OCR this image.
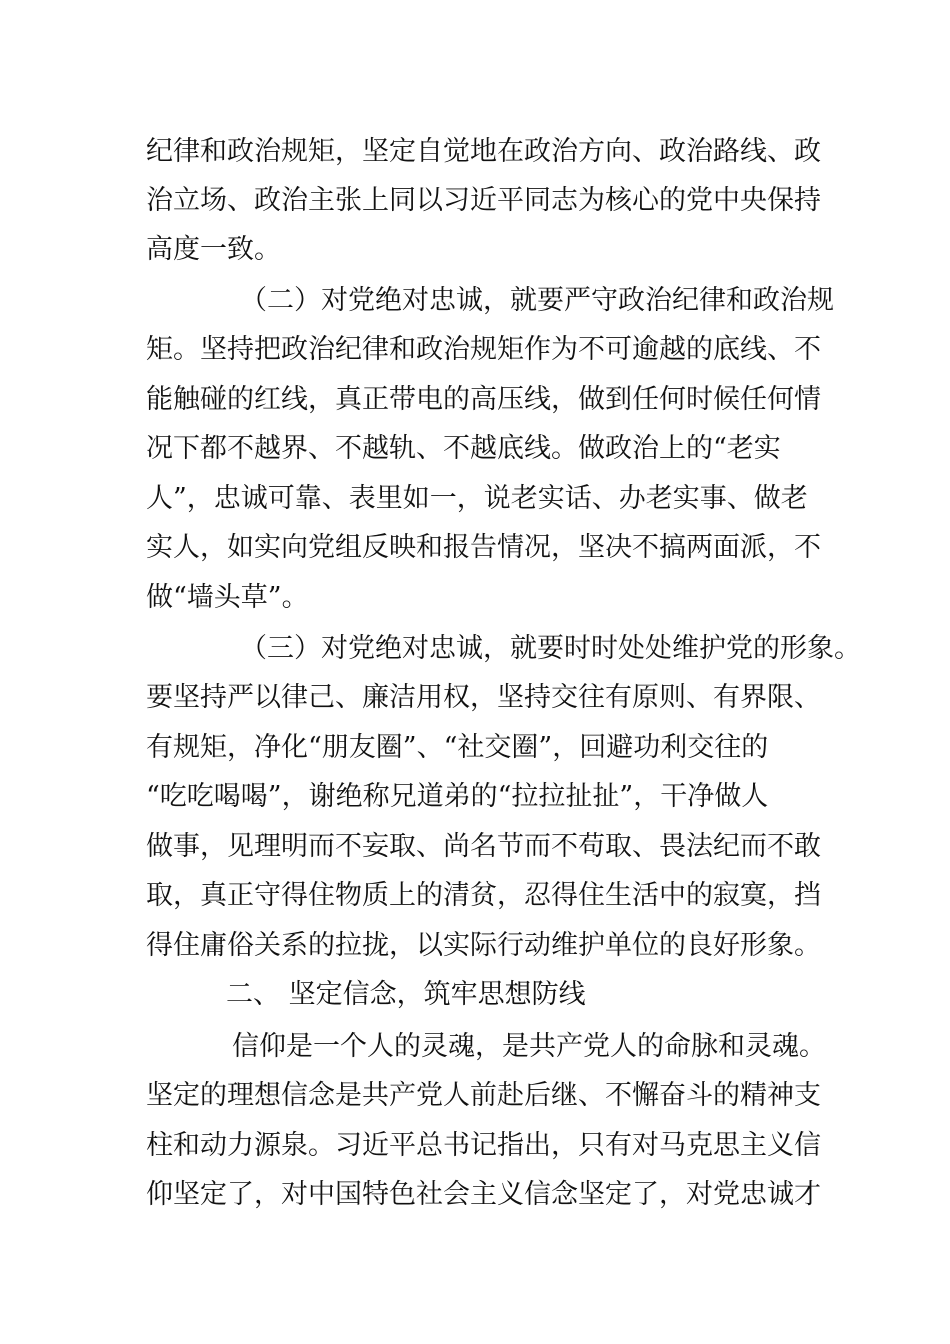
纪律和政治规矩，坚定自觉地在政治方向、政治路线、政
治立场、政治主张上同以习近平同志为核心的党中央保持
高度一致。
（二）对党绝对忠诚，就要严守政治纪律和政治规
矩。坚持把政治纪律和政治规矩作为不可逾越的底线、不
能触碰的红线，真正带电的高压线，做到任何时候任何情
况下都不越界、不越轨、不越底线。做政治上的“老实
人”，忠诚可靠、表里如一，说老实话、办老实事、做老
实人，如实向党组反映和报告情况，坚决不搞两面派，不
做“墙头草”。
（三）对党绝对忠诚，就要时时处处维护党的形象。
要坚持严以律己、廉洁用权，坚持交往有原则、有界限、
有规矩，净化“朋友圈”、“社交圈”，回避功利交往的
“吃吃喝喝”，谢绝称兄道弟的“拉拉扯扯”，干净做人
做事，见理明而不妄取、尚名节而不苟取、畏法纪而不敢
取，真正守得住物质上的清贫，忍得住生活中的寂寞，挡
得住庸俗关系的拉拢，以实际行动维护单位的良好形象。
二、 坚定信念，筑牢思想防线
信仰是一个人的灵魂，是共产党人的命脉和灵魂。
坚定的理想信念是共产党人前赴后继、不懈奋斗的精神支
柱和动力源泉。习近平总书记指出，只有对马克思主义信
仰坚定了，对中国特色社会主义信念坚定了，对党忠诚才
